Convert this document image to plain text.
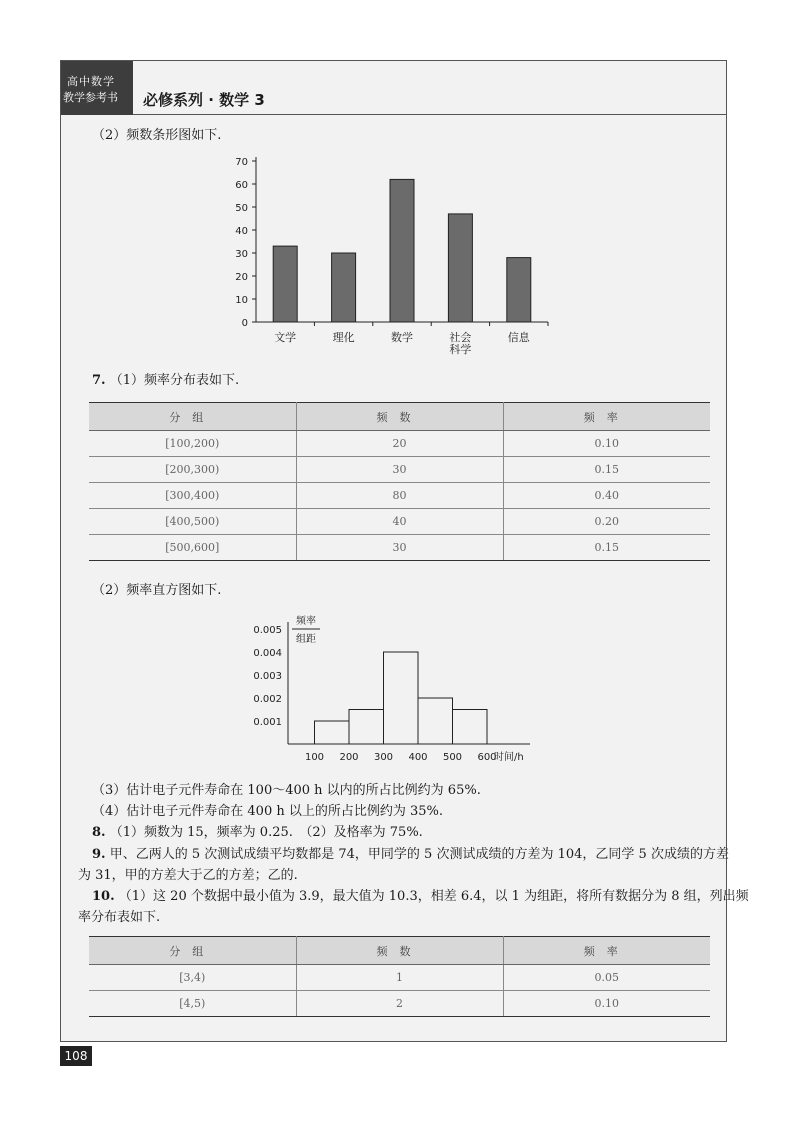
高中数学
教学参考书 必修系列 · 数学 3
（2）频数条形图如下.
0
10
20
30
40
50
60
70
文学	理化	数学	社会
科学
信息
7. （1）频率分布表如下.
分组	频数	频率
[100,200)	20	0.10
[200,300)	30	0.15
[300,400)	80	0.40
[400,500)	40	0.20
[500,600]	30	0.15
（2）频率直方图如下.
0.001
0.002
0.003
0.004
0.005
100 200 300 400 500 600
时间/h
频率
组距
（3）估计电子元件寿命在 100～400 h 以内的所占比例约为 65%.
（4）估计电子元件寿命在 400 h 以上的所占比例约为 35%.
8. （1）频数为 15，频率为 0.25.　（2）及格率为 75%.
9. 甲、乙两人的 5 次测试成绩平均数都是 74，甲同学的 5 次测试成绩的方差为 104，乙同学 5 次成绩的方差
为 31，甲的方差大于乙的方差；乙的.
10. （1）这 20 个数据中最小值为 3.9，最大值为 10.3，相差 6.4，以 1 为组距，将所有数据分为 8 组，列出频
率分布表如下.
分组	频数	频率
[3,4)	1	0.05
[4,5)	2	0.10
108
